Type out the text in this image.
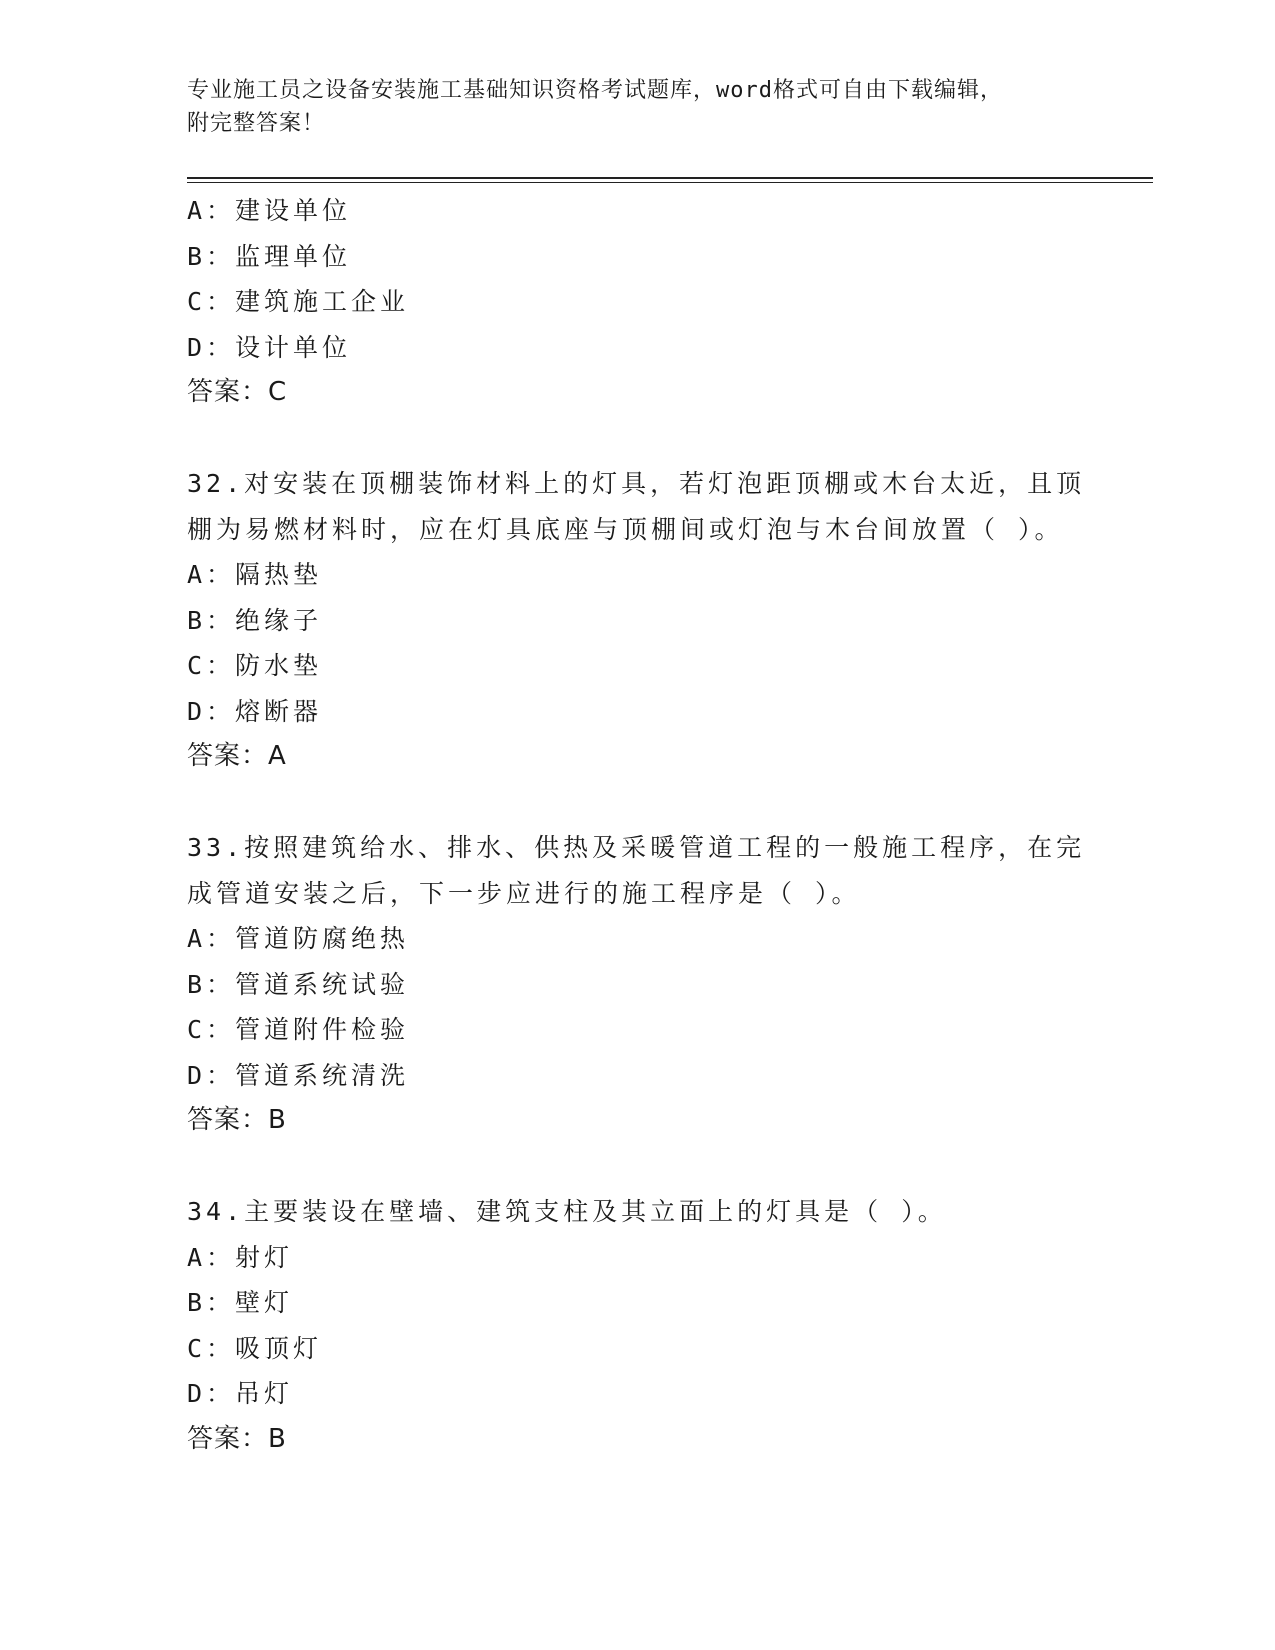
专业施工员之设备安装施工基础知识资格考试题库，word格式可自由下载编辑，
附完整答案！
A：建设单位
B：监理单位
C：建筑施工企业
D：设计单位
答案：C
32.对安装在顶棚装饰材料上的灯具，若灯泡距顶棚或木台太近，且顶
棚为易燃材料时，应在灯具底座与顶棚间或灯泡与木台间放置（ ）。
A：隔热垫
B：绝缘子
C：防水垫
D：熔断器
答案：A
33.按照建筑给水、排水、供热及采暖管道工程的一般施工程序，在完
成管道安装之后，下一步应进行的施工程序是（ ）。
A：管道防腐绝热
B：管道系统试验
C：管道附件检验
D：管道系统清洗
答案：B
34.主要装设在壁墙、建筑支柱及其立面上的灯具是（ ）。
A：射灯
B：壁灯
C：吸顶灯
D：吊灯
答案：B
